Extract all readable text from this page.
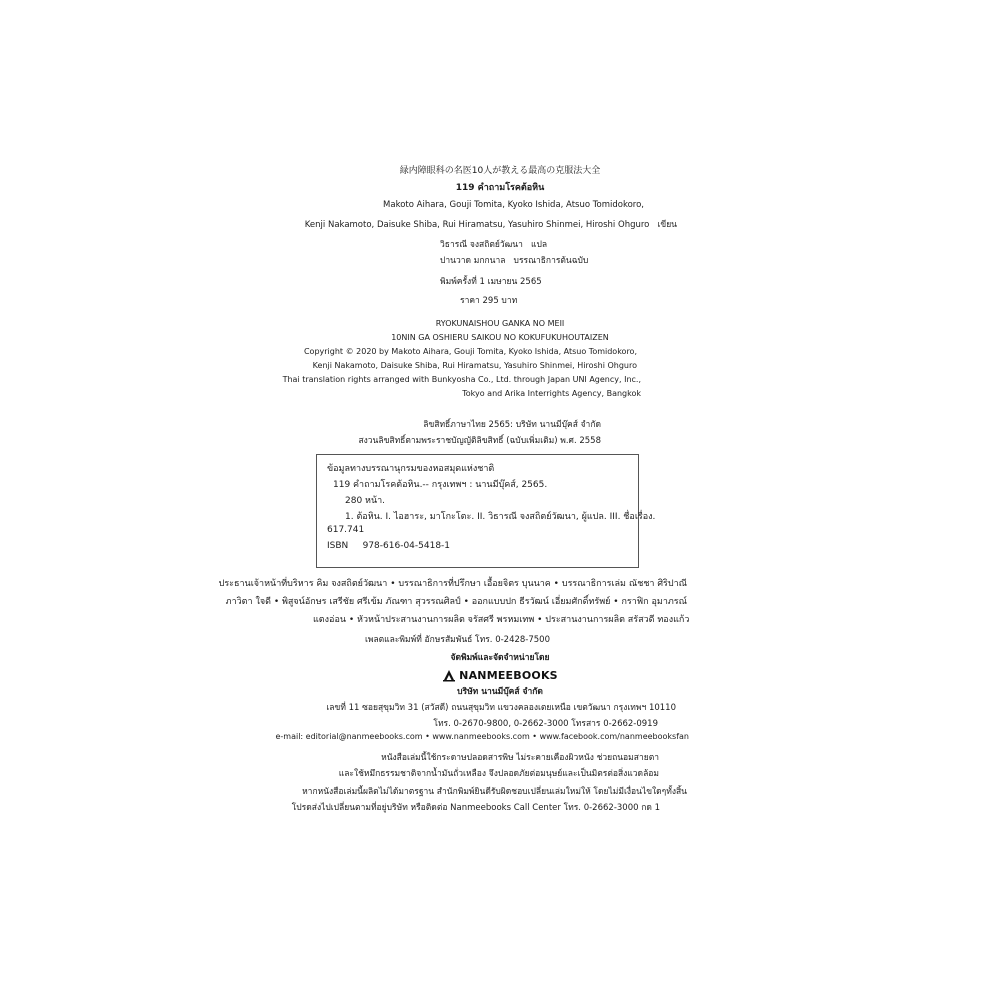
緑内障眼科の名医10人が教える最高の克服法大全
119 คำถามโรคต้อหิน
Makoto Aihara, Gouji Tomita, Kyoko Ishida, Atsuo Tomidokoro,
Kenji Nakamoto, Daisuke Shiba, Rui Hiramatsu, Yasuhiro Shinmei, Hiroshi Ohguro เขียน
วิธารณี จงสถิตย์วัฒนา แปล
ปานวาด มกกนาล บรรณาธิการต้นฉบับ
พิมพ์ครั้งที่ 1 เมษายน 2565
ราคา 295 บาท
RYOKUNAISHOU GANKA NO MEII
10NIN GA OSHIERU SAIKOU NO KOKUFUKUHOUTAIZEN
Copyright © 2020 by Makoto Aihara, Gouji Tomita, Kyoko Ishida, Atsuo Tomidokoro,
Kenji Nakamoto, Daisuke Shiba, Rui Hiramatsu, Yasuhiro Shinmei, Hiroshi Ohguro
Thai translation rights arranged with Bunkyosha Co., Ltd. through Japan UNI Agency, Inc.,
Tokyo and Arika Interrights Agency, Bangkok
ลิขสิทธิ์ภาษาไทย 2565: บริษัท นานมีบุ๊คส์ จำกัด
สงวนลิขสิทธิ์ตามพระราชบัญญัติลิขสิทธิ์ (ฉบับเพิ่มเติม) พ.ศ. 2558
ข้อมูลทางบรรณานุกรมของหอสมุดแห่งชาติ
119 คำถามโรคต้อหิน.-- กรุงเทพฯ : นานมีบุ๊คส์, 2565.
280 หน้า.
1. ต้อหิน. I. ไอฮาระ, มาโกะโตะ. II. วิธารณี จงสถิตย์วัฒนา, ผู้แปล. III. ชื่อเรื่อง.
617.741
ISBN 978-616-04-5418-1
ประธานเจ้าหน้าที่บริหาร คิม จงสถิตย์วัฒนา • บรรณาธิการที่ปรึกษา เอื้อยจิตร บุนนาค • บรรณาธิการเล่ม ณัชชา ศิริปาณี
ภาวิตา ใจดี • พิสูจน์อักษร เสรีชัย ศรีเข้ม ภัณฑา สุวรรณศิลป์ • ออกแบบปก ธีรวัฒน์ เอี่ยมศักดิ์ทรัพย์ • กราฟิก อุมาภรณ์
แตงอ่อน • หัวหน้าประสานงานการผลิต จรัสศรี พรหมเทพ • ประสานงานการผลิต สรัสวดี ทองแก้ว
เพลตและพิมพ์ที่ อักษรสัมพันธ์ โทร. 0-2428-7500
จัดพิมพ์และจัดจำหน่ายโดย
NANMEEBOOKS
บริษัท นานมีบุ๊คส์ จำกัด
เลขที่ 11 ซอยสุขุมวิท 31 (สวัสดี) ถนนสุขุมวิท แขวงคลองเตยเหนือ เขตวัฒนา กรุงเทพฯ 10110
โทร. 0-2670-9800, 0-2662-3000 โทรสาร 0-2662-0919
e-mail: editorial@nanmeebooks.com • www.nanmeebooks.com • www.facebook.com/nanmeebooksfan
หนังสือเล่มนี้ใช้กระดาษปลอดสารพิษ ไม่ระคายเคืองผิวหนัง ช่วยถนอมสายตา
และใช้หมึกธรรมชาติจากน้ำมันถั่วเหลือง จึงปลอดภัยต่อมนุษย์และเป็นมิตรต่อสิ่งแวดล้อม
หากหนังสือเล่มนี้ผลิตไม่ได้มาตรฐาน สำนักพิมพ์ยินดีรับผิดชอบเปลี่ยนเล่มใหม่ให้ โดยไม่มีเงื่อนไขใดๆทั้งสิ้น
โปรดส่งไปเปลี่ยนตามที่อยู่บริษัท หรือติดต่อ Nanmeebooks Call Center โทร. 0-2662-3000 กด 1
